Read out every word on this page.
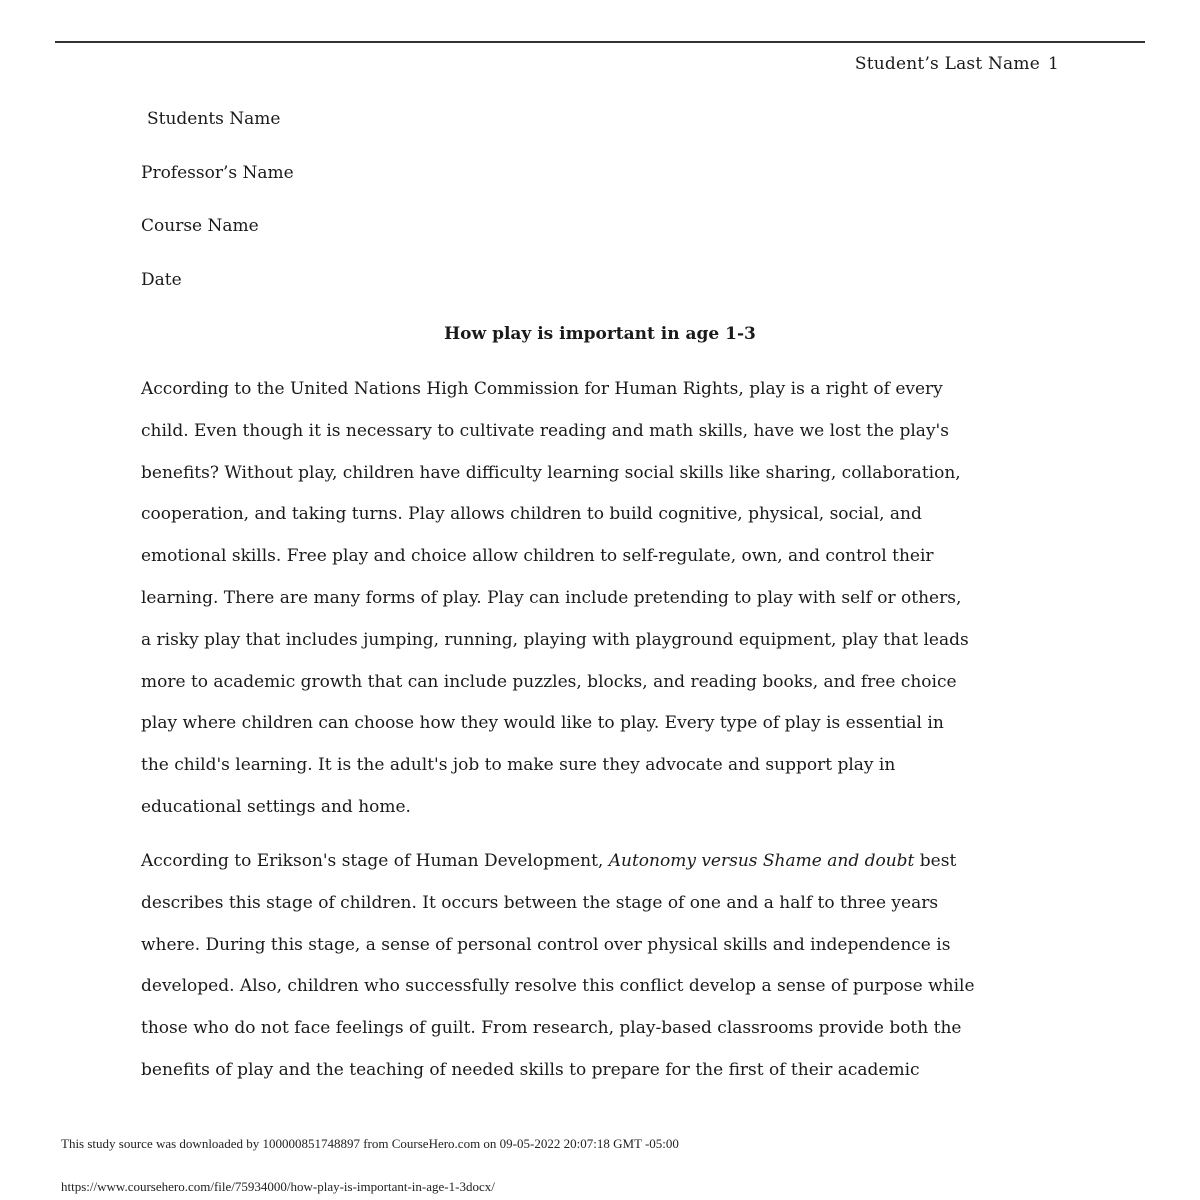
Student’s Last Name 1
Students Name
Professor’s Name
Course Name
Date
How play is important in age 1-3

According to the United Nations High Commission for Human Rights, play is a right of every
child. Even though it is necessary to cultivate reading and math skills, have we lost the play's
benefits? Without play, children have difficulty learning social skills like sharing, collaboration,
cooperation, and taking turns. Play allows children to build cognitive, physical, social, and
emotional skills. Free play and choice allow children to self-regulate, own, and control their
learning. There are many forms of play. Play can include pretending to play with self or others,
a risky play that includes jumping, running, playing with playground equipment, play that leads
more to academic growth that can include puzzles, blocks, and reading books, and free choice
play where children can choose how they would like to play. Every type of play is essential in
the child's learning. It is the adult's job to make sure they advocate and support play in
educational settings and home.

According to Erikson's stage of Human Development, Autonomy versus Shame and doubt best
describes this stage of children. It occurs between the stage of one and a half to three years
where. During this stage, a sense of personal control over physical skills and independence is
developed. Also, children who successfully resolve this conflict develop a sense of purpose while
those who do not face feelings of guilt. From research, play-based classrooms provide both the
benefits of play and the teaching of needed skills to prepare for the first of their academic

This study source was downloaded by 100000851748897 from CourseHero.com on 09-05-2022 20:07:18 GMT -05:00
https://www.coursehero.com/file/75934000/how-play-is-important-in-age-1-3docx/
